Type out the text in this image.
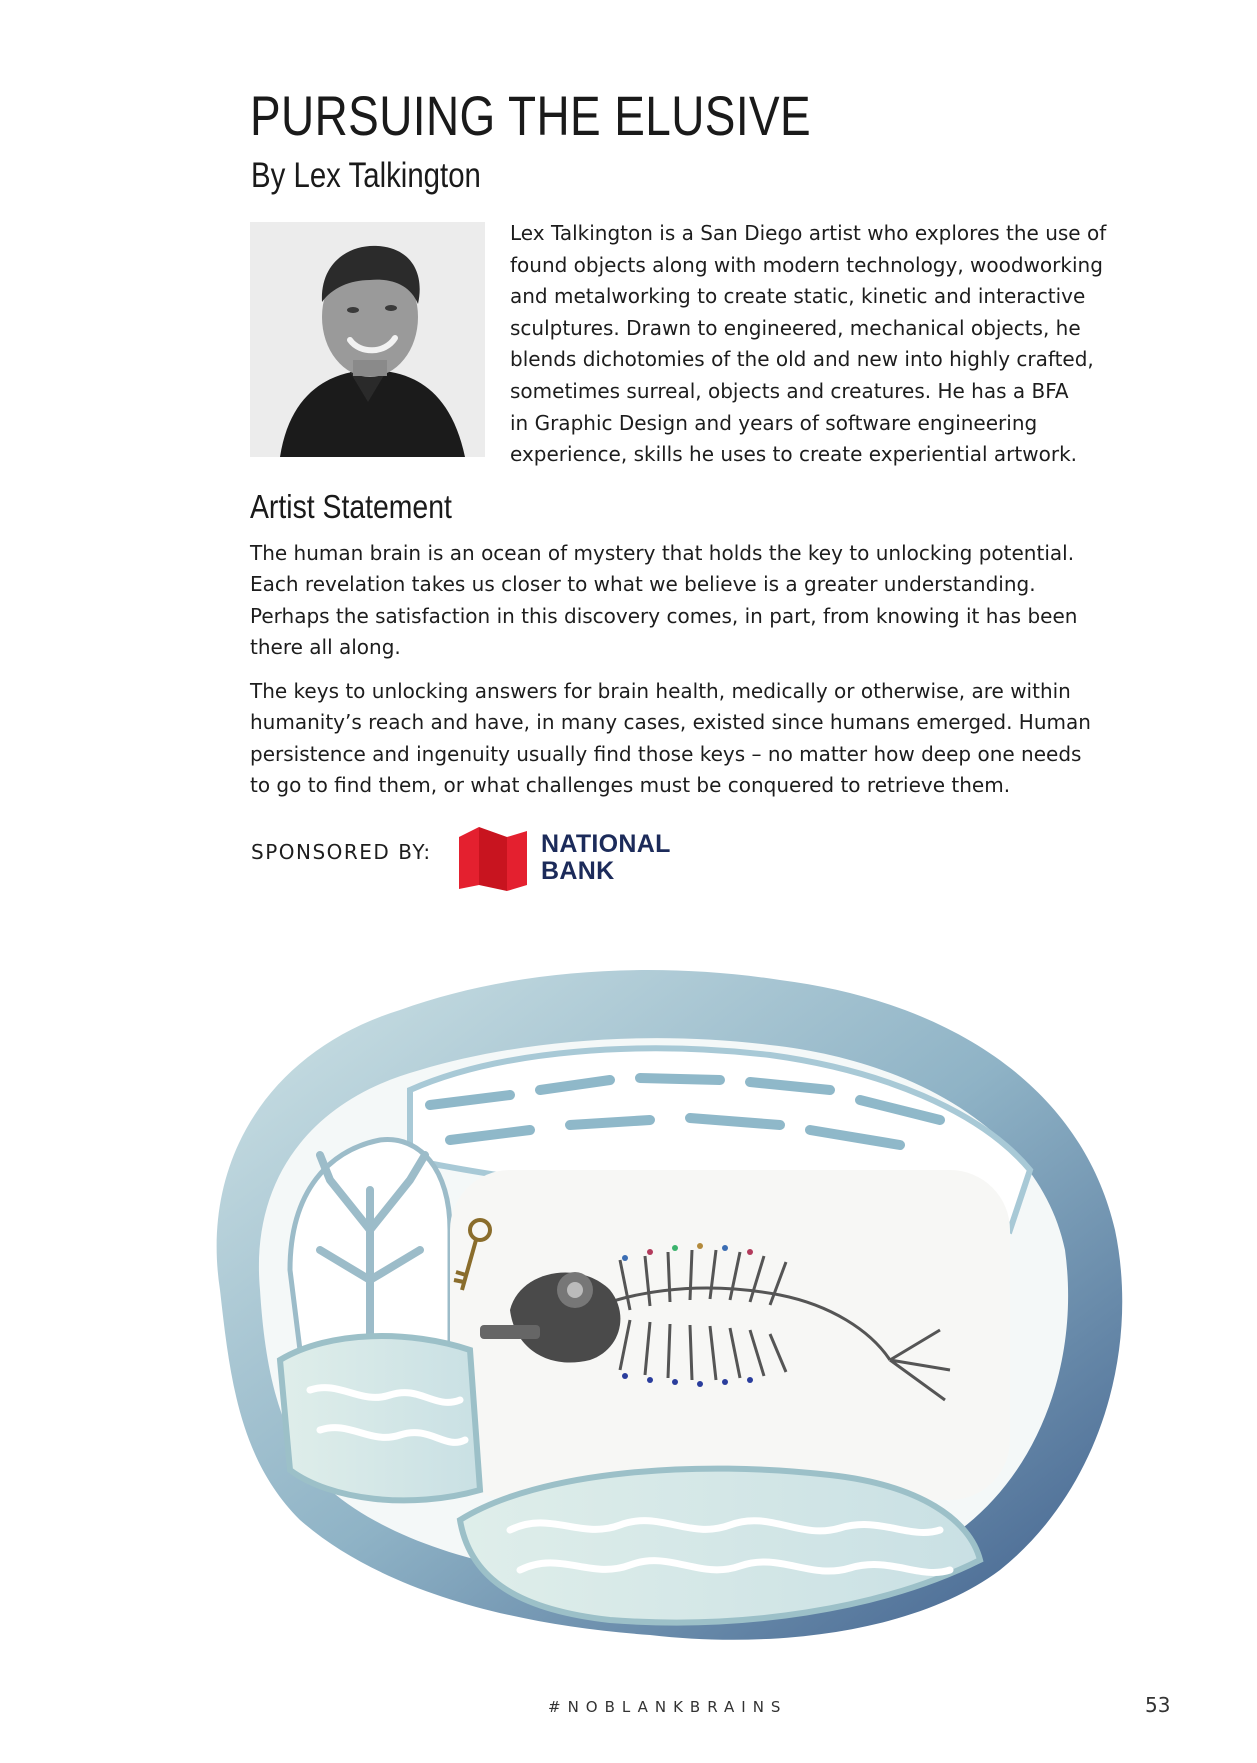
PURSUING THE ELUSIVE
By Lex Talkington
Lex Talkington is a San Diego artist who explores the use of
found objects along with modern technology, woodworking
and metalworking to create static, kinetic and interactive
sculptures. Drawn to engineered, mechanical objects, he
blends dichotomies of the old and new into highly crafted,
sometimes surreal, objects and creatures. He has a BFA
in Graphic Design and years of software engineering
experience, skills he uses to create experiential artwork.
Artist Statement
The human brain is an ocean of mystery that holds the key to unlocking potential.
Each revelation takes us closer to what we believe is a greater understanding.
Perhaps the satisfaction in this discovery comes, in part, from knowing it has been
there all along.
The keys to unlocking answers for brain health, medically or otherwise, are within
humanity’s reach and have, in many cases, existed since humans emerged. Human
persistence and ingenuity usually find those keys – no matter how deep one needs
to go to find them, or what challenges must be conquered to retrieve them.
SPONSORED BY:	NATIONAL
BANK
#NOBLANKBRAINS	53
